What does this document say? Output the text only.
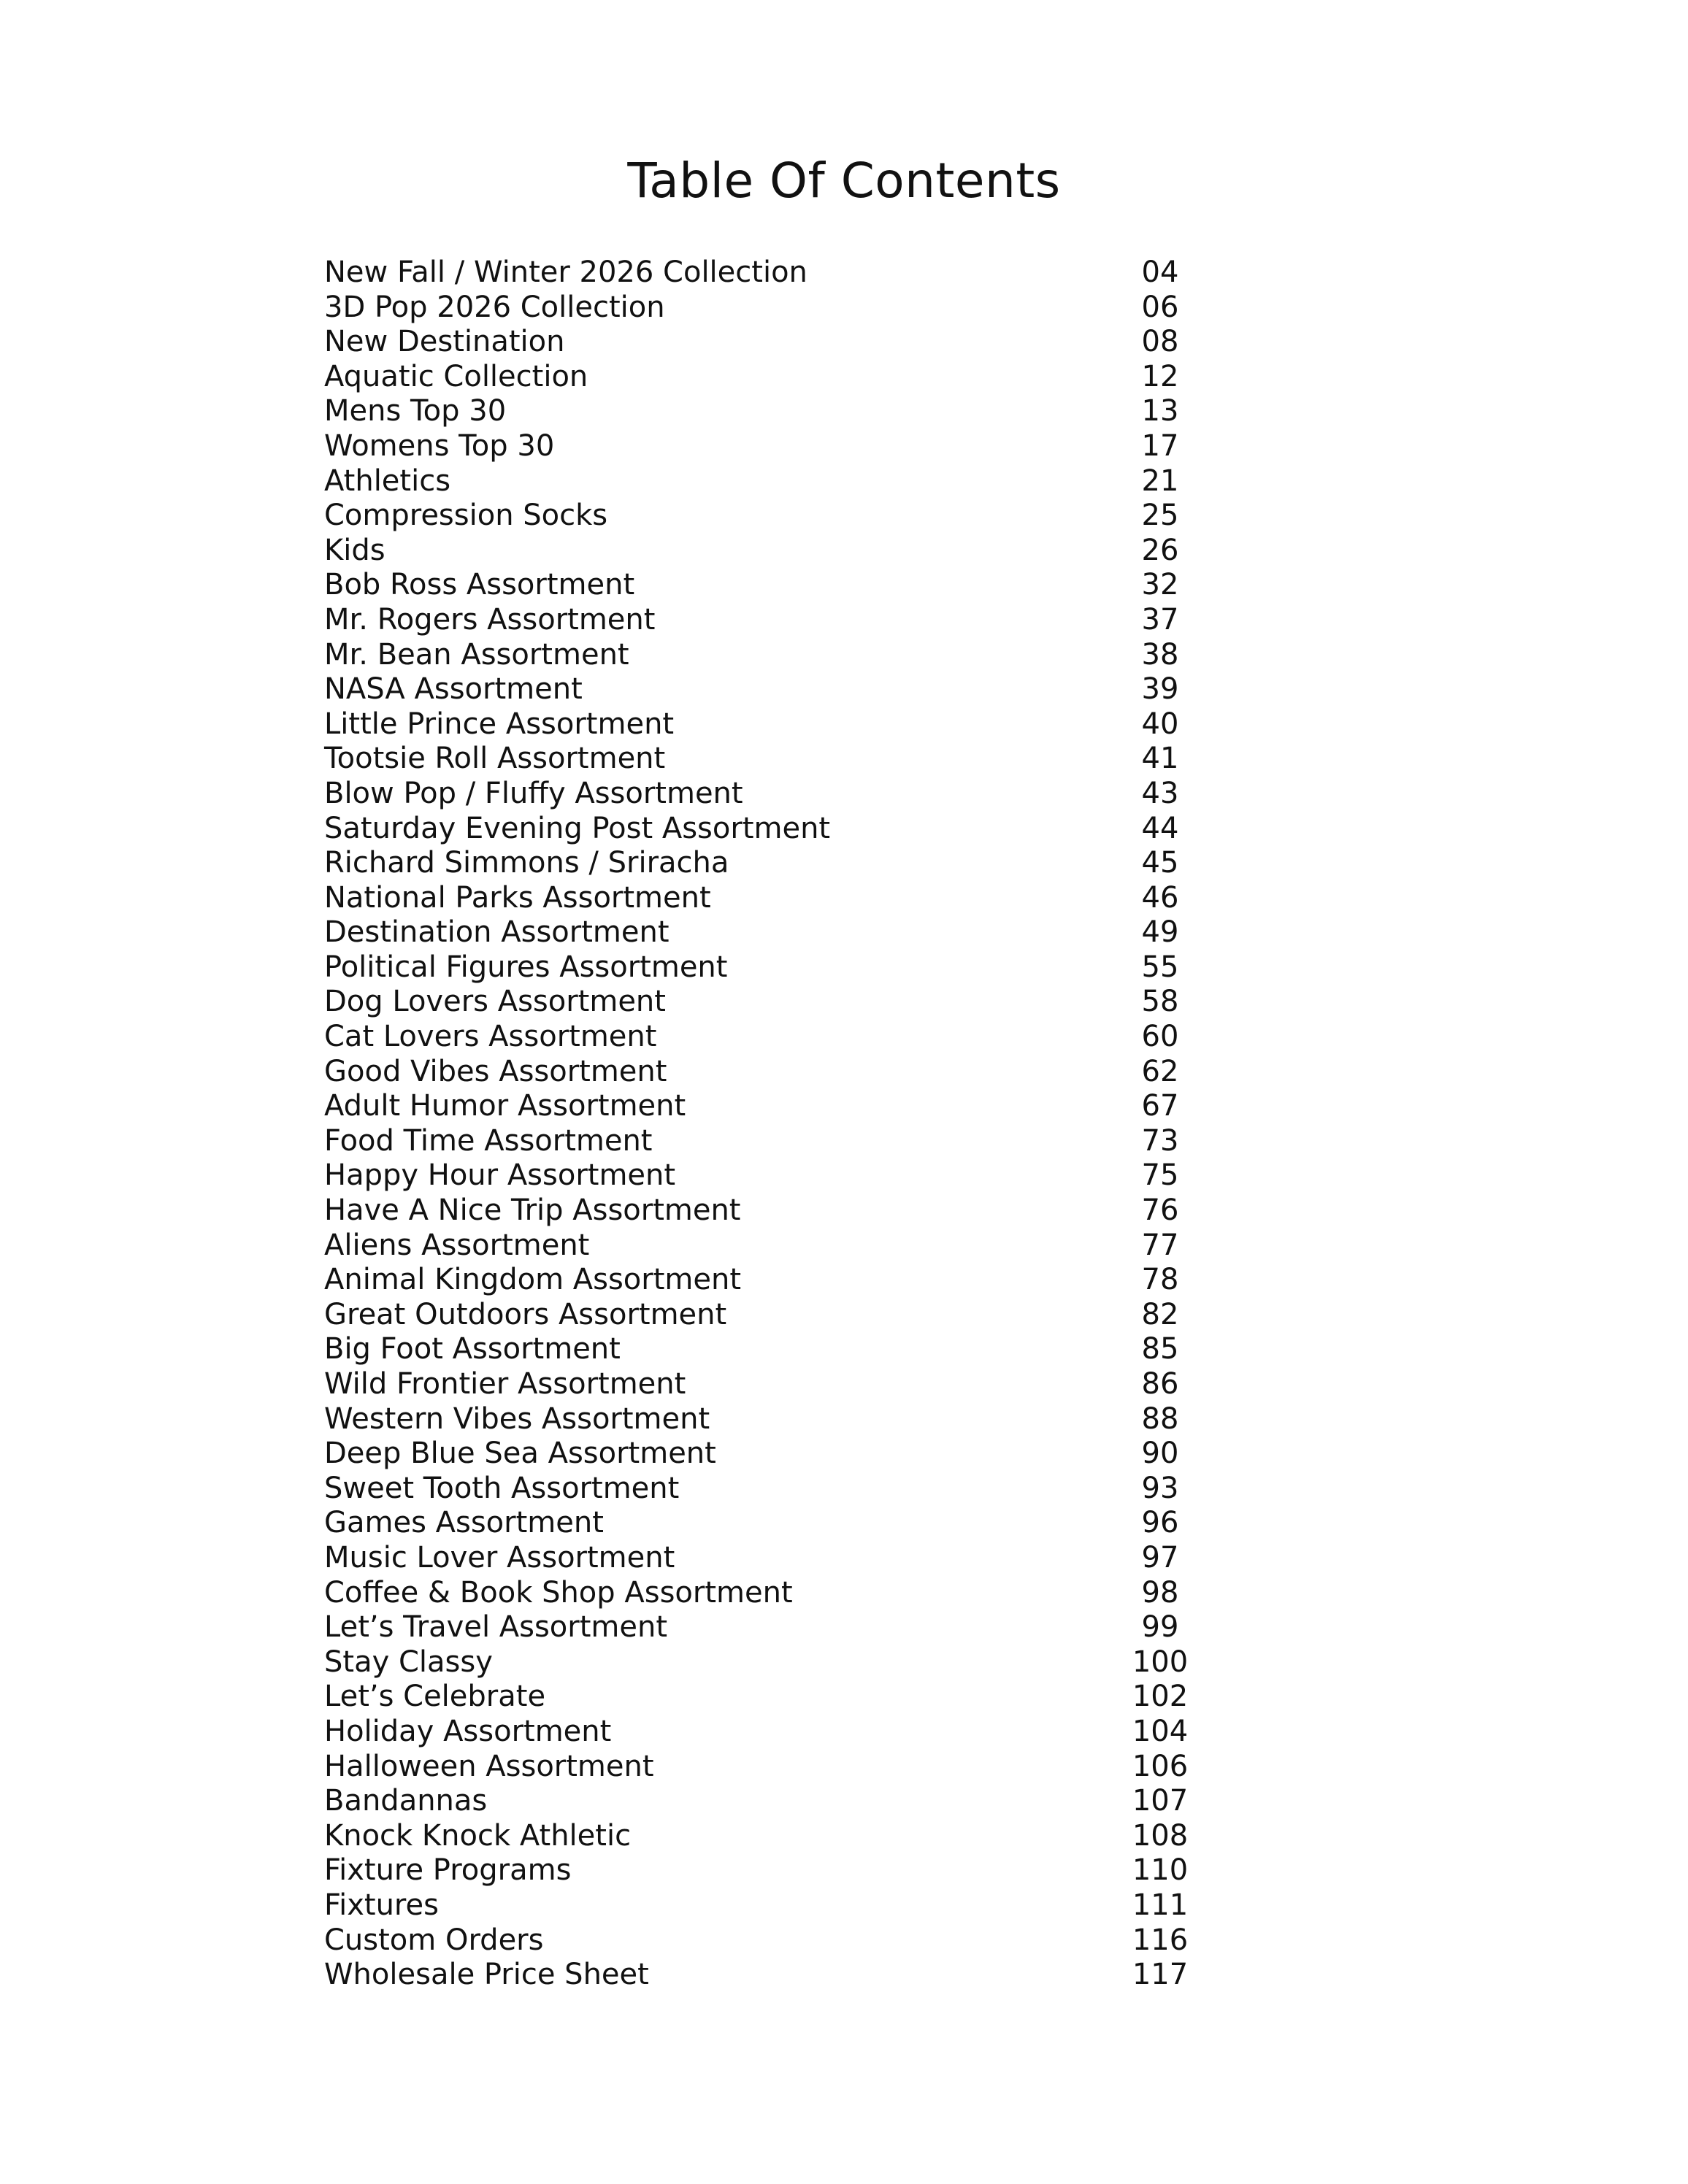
Table Of Contents
New Fall / Winter 2026 Collection	04
3D Pop 2026 Collection	06
New Destination	08
Aquatic Collection	12
Mens Top 30	13
Womens Top 30	17
Athletics	21
Compression Socks	25
Kids	26
Bob Ross Assortment	32
Mr. Rogers Assortment	37
Mr. Bean Assortment	38
NASA Assortment	39
Little Prince Assortment	40
Tootsie Roll Assortment	41
Blow Pop / Fluffy Assortment	43
Saturday Evening Post Assortment	44
Richard Simmons / Sriracha	45
National Parks Assortment	46
Destination Assortment	49
Political Figures Assortment	55
Dog Lovers Assortment	58
Cat Lovers Assortment	60
Good Vibes Assortment	62
Adult Humor Assortment	67
Food Time Assortment	73
Happy Hour Assortment	75
Have A Nice Trip Assortment	76
Aliens Assortment	77
Animal Kingdom Assortment	78
Great Outdoors Assortment	82
Big Foot Assortment	85
Wild Frontier Assortment	86
Western Vibes Assortment	88
Deep Blue Sea Assortment	90
Sweet Tooth Assortment	93
Games Assortment	96
Music Lover Assortment	97
Coffee & Book Shop Assortment	98
Let’s Travel Assortment	99
Stay Classy	100
Let’s Celebrate	102
Holiday Assortment	104
Halloween Assortment	106
Bandannas	107
Knock Knock Athletic	108
Fixture Programs	110
Fixtures	111
Custom Orders	116
Wholesale Price Sheet	117
